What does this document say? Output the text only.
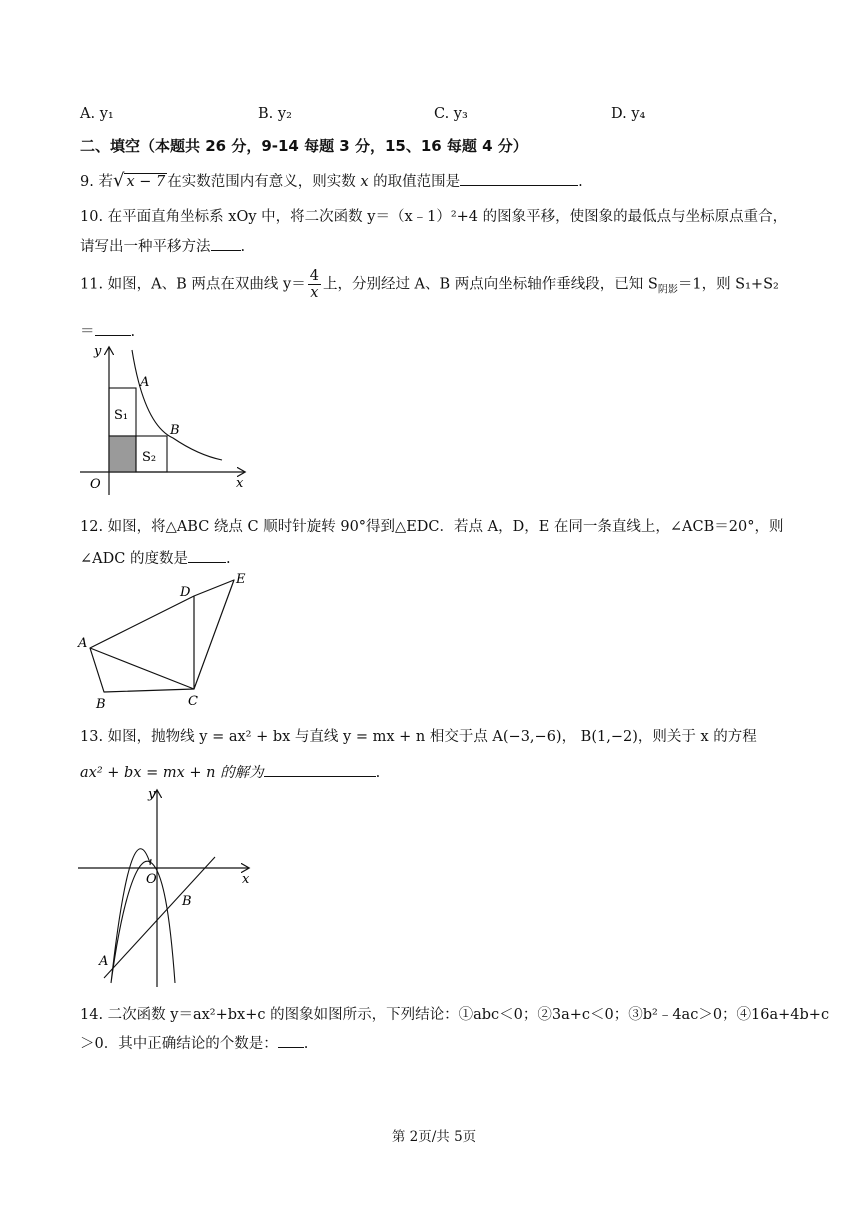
A. y₁	B. y₂	C. y₃	D. y₄
二、填空（本题共 26 分，9-14 每题 3 分，15、16 每题 4 分）
9. 若√ x − 7 在实数范围内有意义，则实数 x 的取值范围是	.
10. 在平面直角坐标系 xOy 中，将二次函数 y＝（x﹣1）²+4 的图象平移，使图象的最低点与坐标原点重合，
请写出一种平移方法 .
11. 如图，A、B 两点在双曲线 $y= \frac{4}{x}$ 上，分别经过 A、B 两点向坐标轴作垂线段，已知 $S_{阴影}=1$，则 S₁+S₂
＝ .
y
x
O
A
B
S₁
S₂
12. 如图，将△ABC 绕点 C 顺时针旋转 90°得到△EDC．若点 A，D，E 在同一条直线上，∠ACB＝20°，则
∠ADC 的度数是	.
A
B	C
D
E
13. 如图，抛物线 y = ax² + bx 与直线 y = mx + n 相交于点 A(−3,−6)， B(1,−2)，则关于 x 的方程
ax² + bx = mx + n 的解为	.
y
x
O
A
B
14. 二次函数 y＝ax²+bx+c 的图象如图所示，下列结论：①abc＜0；②3a+c＜0；③b²﹣4ac＞0；④16a+4b+c
＞0．其中正确结论的个数是： .
第 2页/共 5页
